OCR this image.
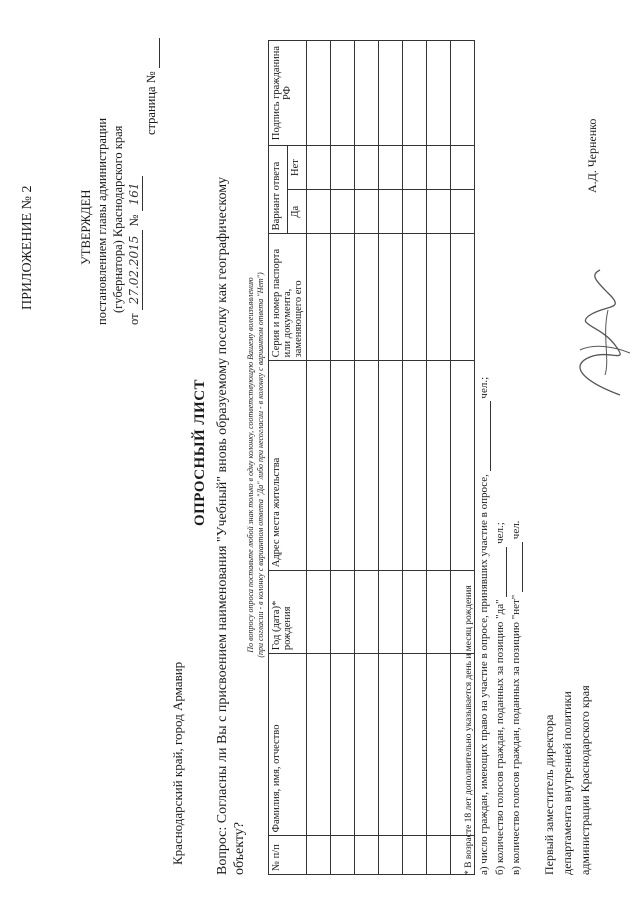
ПРИЛОЖЕНИЕ № 2	УТВЕРЖДЕН постановлением главы администрации (губернатора) Краснодарского края
от 27.02.2015 № 161
страница №
Краснодарский край, город Армавир
ОПРОСНЫЙ ЛИСТ Вопрос: Согласны ли Вы с присвоением наименования "Учебный" вновь образуемому поселку как географическому объекту?
По вопросу опроса поставьте любой знак только в одну колонку, соответствующую Вашему волеизъявлению (при согласии - в колонку с вариантом ответа "Да" либо при несогласии - в колонку с вариантом ответа "Нет")
№ п/п	Фамилия, имя, отчество	Год (дата)* рождения	Адрес места жительства	Серия и номер паспорта или документа, заменяющего его	Вариант ответа		Подпись гражданина РФ
					Да	Нет	

* В возрасте 18 лет дополнительно указывается день и месяц рождения а) число граждан, имеющих право на участие в опросе, принявших участие в опросе,   чел.;
б) количество голосов граждан, поданных за позицию "да"   чел.;
в) количество голосов граждан, поданных за позицию "нет"   чел.
Первый заместитель директора департамента внутренней политики администрации Краснодарского края
А.Д. Черненко
